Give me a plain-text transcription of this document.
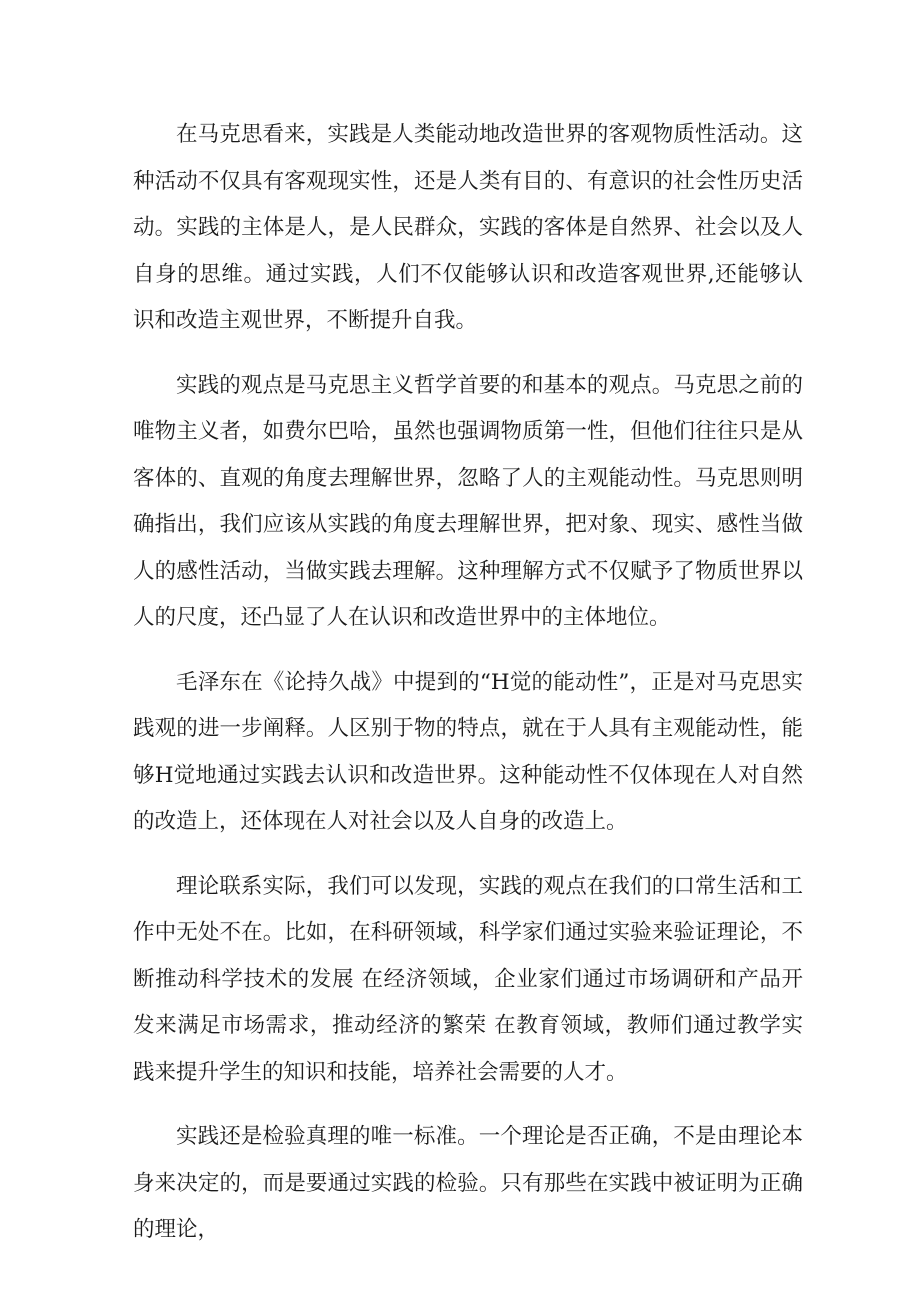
在马克思看来，实践是人类能动地改造世界的客观物质性活动。这种活动不仅具有客观现实性，还是人类有目的、有意识的社会性历史活动。实践的主体是人，是人民群众，实践的客体是自然界、社会以及人自身的思维。通过实践，人们不仅能够认识和改造客观世界,还能够认识和改造主观世界，不断提升自我。

实践的观点是马克思主义哲学首要的和基本的观点。马克思之前的唯物主义者，如费尔巴哈，虽然也强调物质第一性，但他们往往只是从客体的、直观的角度去理解世界，忽略了人的主观能动性。马克思则明确指出，我们应该从实践的角度去理解世界，把对象、现实、感性当做人的感性活动，当做实践去理解。这种理解方式不仅赋予了物质世界以人的尺度，还凸显了人在认识和改造世界中的主体地位。

毛泽东在《论持久战》中提到的“H觉的能动性”，正是对马克思实践观的进一步阐释。人区别于物的特点，就在于人具有主观能动性，能够H觉地通过实践去认识和改造世界。这种能动性不仅体现在人对自然的改造上，还体现在人对社会以及人自身的改造上。

理论联系实际，我们可以发现，实践的观点在我们的口常生活和工作中无处不在。比如，在科研领域，科学家们通过实验来验证理论，不断推动科学技术的发展 在经济领域，企业家们通过市场调研和产品开发来满足市场需求，推动经济的繁荣 在教育领域，教师们通过教学实践来提升学生的知识和技能，培养社会需要的人才。

实践还是检验真理的唯一标准。一个理论是否正确，不是由理论本身来决定的，而是要通过实践的检验。只有那些在实践中被证明为正确的理论，
